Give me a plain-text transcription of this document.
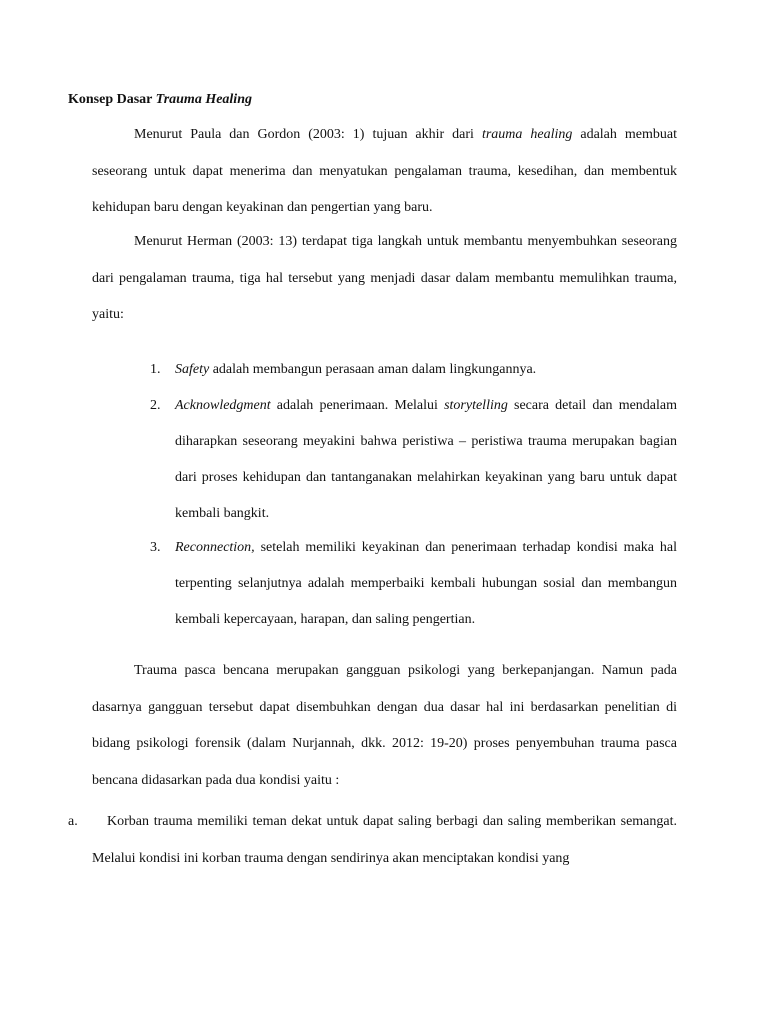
Konsep Dasar Trauma Healing
Menurut Paula dan Gordon (2003: 1) tujuan akhir dari trauma healing adalah membuat seseorang untuk dapat menerima dan menyatukan pengalaman trauma, kesedihan, dan membentuk kehidupan baru dengan keyakinan dan pengertian yang baru.
Menurut Herman (2003: 13) terdapat tiga langkah untuk membantu menyembuhkan seseorang dari pengalaman trauma, tiga hal tersebut yang menjadi dasar dalam membantu memulihkan trauma, yaitu:
1. Safety adalah membangun perasaan aman dalam lingkungannya.
2. Acknowledgment adalah penerimaan. Melalui storytelling secara detail dan mendalam diharapkan seseorang meyakini bahwa peristiwa – peristiwa trauma merupakan bagian dari proses kehidupan dan tantanganakan melahirkan keyakinan yang baru untuk dapat kembali bangkit.
3. Reconnection, setelah memiliki keyakinan dan penerimaan terhadap kondisi maka hal terpenting selanjutnya adalah memperbaiki kembali hubungan sosial dan membangun kembali kepercayaan, harapan, dan saling pengertian.
Trauma pasca bencana merupakan gangguan psikologi yang berkepanjangan. Namun pada dasarnya gangguan tersebut dapat disembuhkan dengan dua dasar hal ini berdasarkan penelitian di bidang psikologi forensik (dalam Nurjannah, dkk. 2012: 19-20) proses penyembuhan trauma pasca bencana didasarkan pada dua kondisi yaitu :
a.	Korban trauma memiliki teman dekat untuk dapat saling berbagi dan saling memberikan semangat. Melalui kondisi ini korban trauma dengan sendirinya akan menciptakan kondisi yang
